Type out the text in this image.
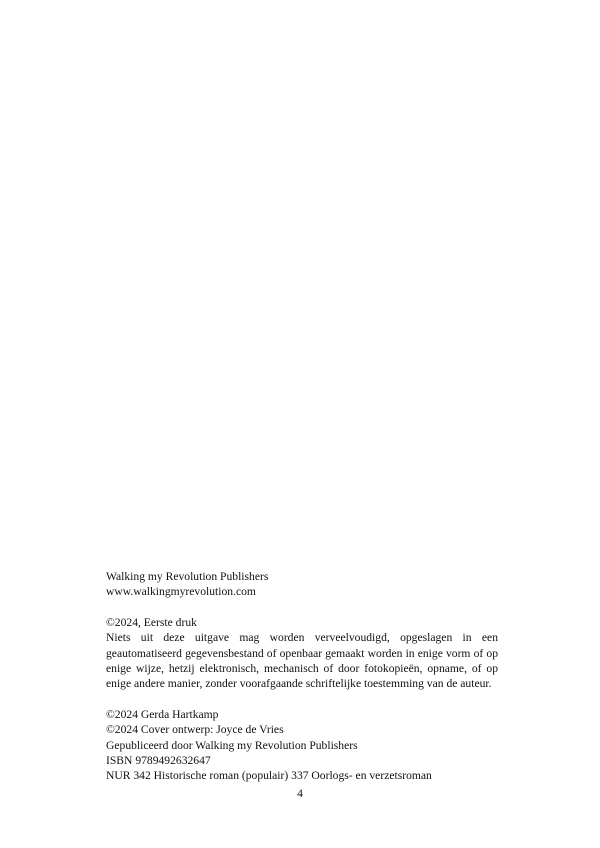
Walking my Revolution Publishers
www.walkingmyrevolution.com
©2024, Eerste druk
Niets uit deze uitgave mag worden verveelvoudigd, opgeslagen in een geautomatiseerd gegevensbestand of openbaar gemaakt worden in enige vorm of op enige wijze, hetzij elektronisch, mechanisch of door fotokopieën, opname, of op enige andere manier, zonder voorafgaande schriftelijke toestemming van de auteur.
©2024 Gerda Hartkamp
©2024 Cover ontwerp: Joyce de Vries
Gepubliceerd door Walking my Revolution Publishers
ISBN 9789492632647
NUR 342 Historische roman (populair) 337 Oorlogs- en verzetsroman
4
